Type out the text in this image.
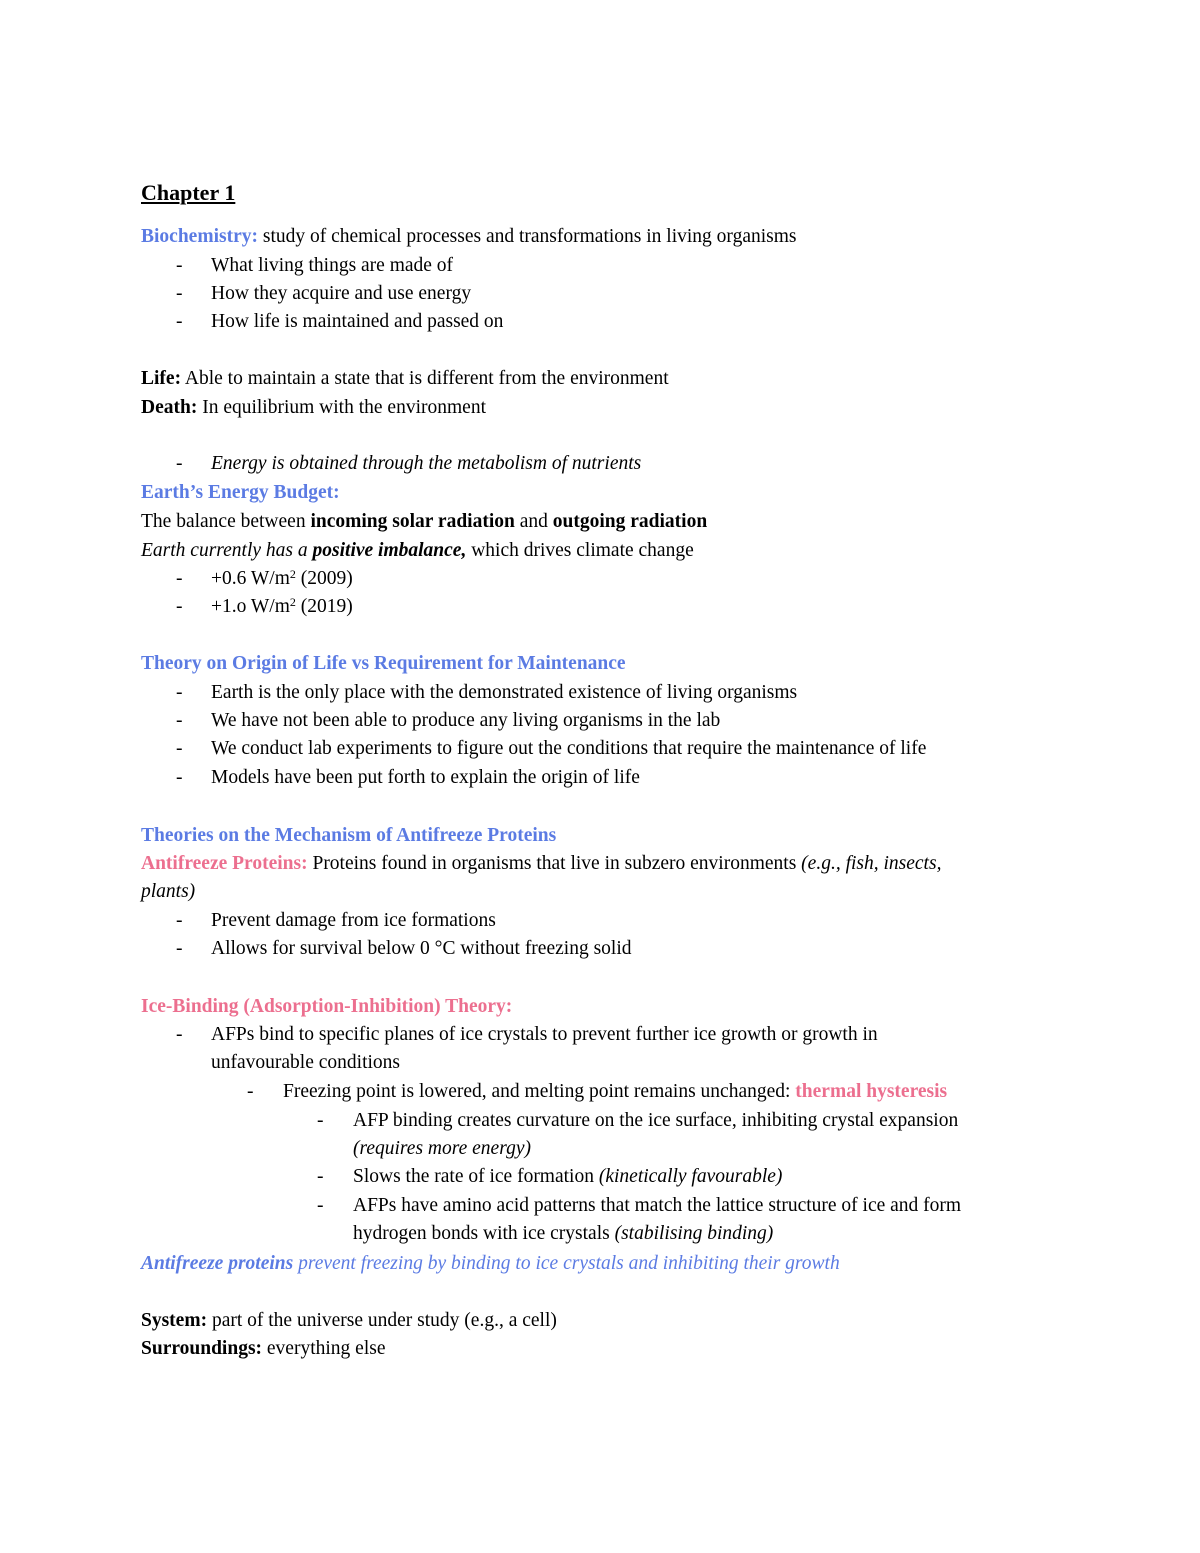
Chapter 1
Biochemistry: study of chemical processes and transformations in living organisms
- What living things are made of
- How they acquire and use energy
- How life is maintained and passed on
Life: Able to maintain a state that is different from the environment
Death: In equilibrium with the environment
- Energy is obtained through the metabolism of nutrients
Earth’s Energy Budget:
The balance between incoming solar radiation and outgoing radiation
Earth currently has a positive imbalance, which drives climate change
- +0.6 $W/m^2$ (2009)
- +1.o $W/m^2$ (2019)
Theory on Origin of Life vs Requirement for Maintenance
- Earth is the only place with the demonstrated existence of living organisms
- We have not been able to produce any living organisms in the lab
- We conduct lab experiments to figure out the conditions that require the maintenance of life
- Models have been put forth to explain the origin of life
Theories on the Mechanism of Antifreeze Proteins
Antifreeze Proteins: Proteins found in organisms that live in subzero environments (e.g., fish, insects,
plants)
- Prevent damage from ice formations
- Allows for survival below 0 °C without freezing solid
Ice-Binding (Adsorption-Inhibition) Theory:
- AFPs bind to specific planes of ice crystals to prevent further ice growth or growth in
unfavourable conditions
- Freezing point is lowered, and melting point remains unchanged: thermal hysteresis
- AFP binding creates curvature on the ice surface, inhibiting crystal expansion
(requires more energy)
- Slows the rate of ice formation (kinetically favourable)
- AFPs have amino acid patterns that match the lattice structure of ice and form
hydrogen bonds with ice crystals (stabilising binding)
Antifreeze proteins prevent freezing by binding to ice crystals and inhibiting their growth
System: part of the universe under study (e.g., a cell)
Surroundings: everything else
